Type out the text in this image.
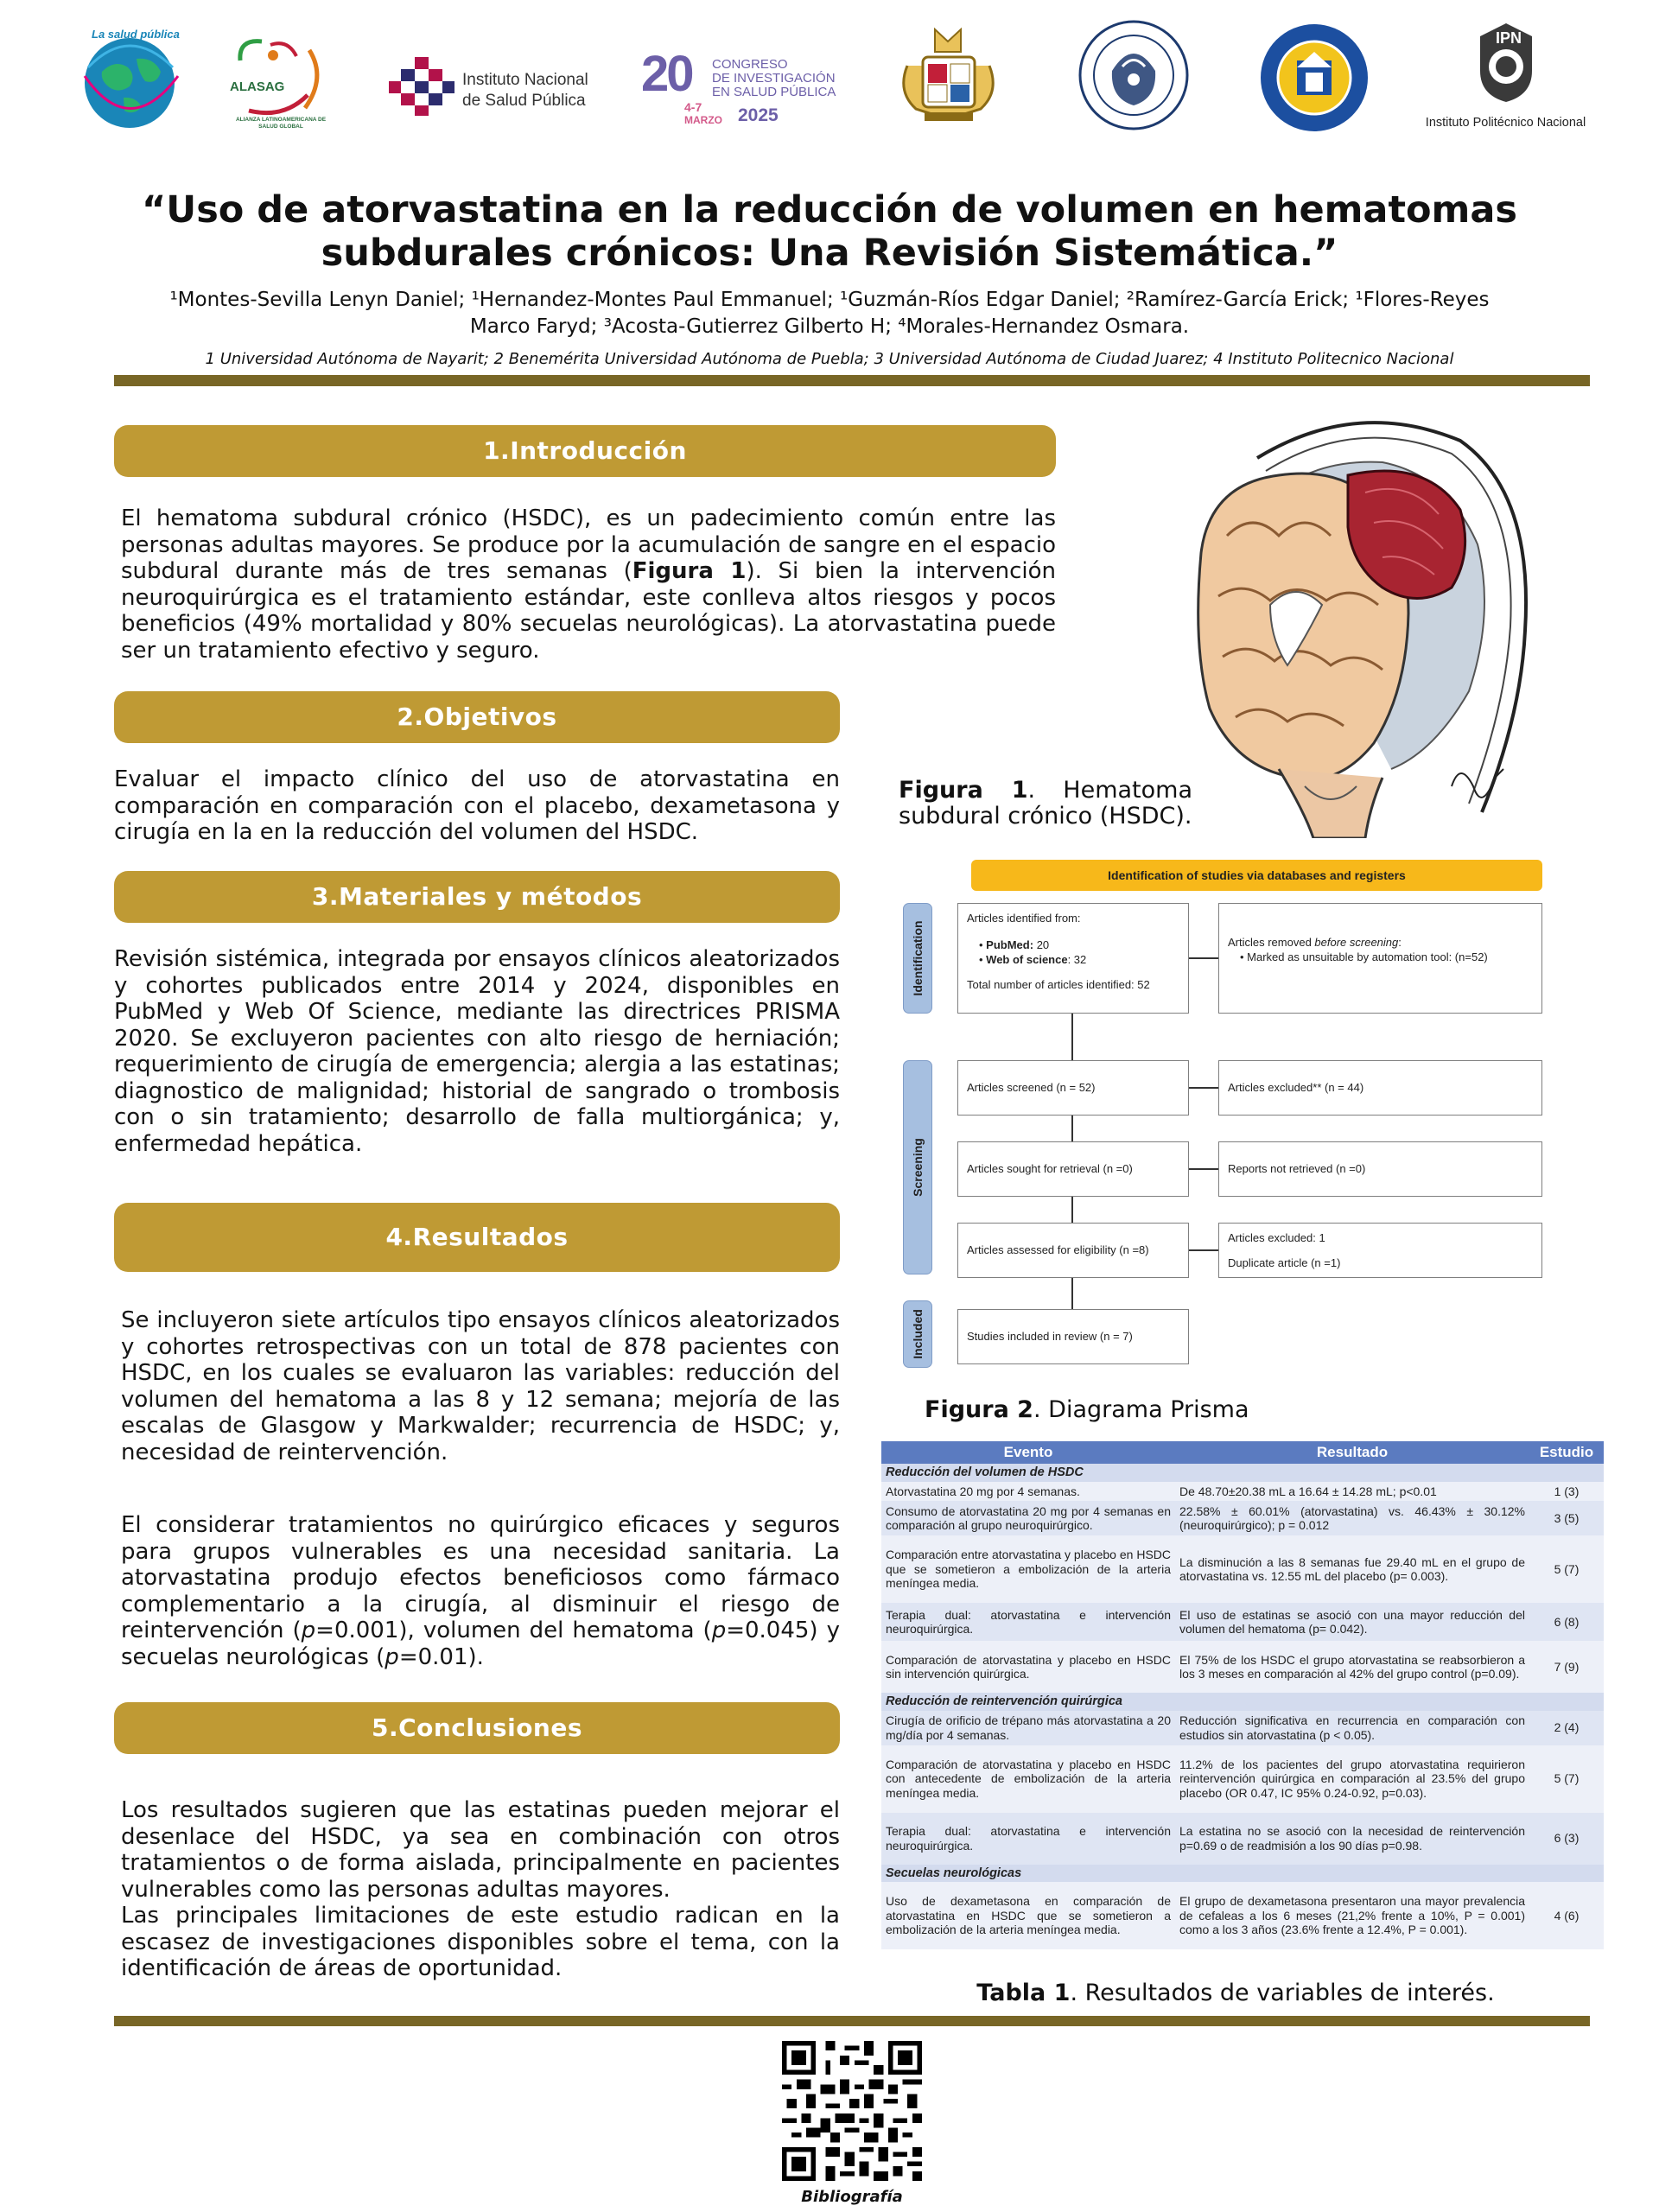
La salud pública
ALASAG
ALIANZA LATINOAMERICANA DE SALUD GLOBAL
Instituto Nacional
de Salud Pública 20 CONGRESO
DE INVESTIGACIÓN
EN SALUD PÚBLICA
4-7
MARZO 2025
IPN
Instituto Politécnico Nacional
“Uso de atorvastatina en la reducción de volumen en hematomas subdurales crónicos: Una Revisión Sistemática.”
¹Montes-Sevilla Lenyn Daniel; ¹Hernandez-Montes Paul Emmanuel; ¹Guzmán-Ríos Edgar Daniel; ²Ramírez-García Erick; ¹Flores-Reyes Marco Faryd; ³Acosta-Gutierrez Gilberto H; ⁴Morales-Hernandez Osmara.
1 Universidad Autónoma de Nayarit; 2 Benemérita Universidad Autónoma de Puebla; 3 Universidad Autónoma de Ciudad Juarez; 4 Instituto Politecnico Nacional
1.Introducción
El hematoma subdural crónico (HSDC), es un padecimiento común entre las personas adultas mayores. Se produce por la acumulación de sangre en el espacio subdural durante más de tres semanas (Figura 1). Si bien la intervención neuroquirúrgica es el tratamiento estándar, este conlleva altos riesgos y pocos beneficios (49% mortalidad y 80% secuelas neurológicas). La atorvastatina puede ser un tratamiento efectivo y seguro.
2.Objetivos
Evaluar el impacto clínico del uso de atorvastatina en comparación en comparación con el placebo, dexametasona y cirugía en la en la reducción del volumen del HSDC.
3.Materiales y métodos
Revisión sistémica, integrada por ensayos clínicos aleatorizados y cohortes publicados entre 2014 y 2024, disponibles en PubMed y Web Of Science, mediante las directrices PRISMA 2020. Se excluyeron pacientes con alto riesgo de herniación; requerimiento de cirugía de emergencia; alergia a las estatinas; diagnostico de malignidad; historial de sangrado o trombosis con o sin tratamiento; desarrollo de falla multiorgánica; y, enfermedad hepática.
4.Resultados
Se incluyeron siete artículos tipo ensayos clínicos aleatorizados y cohortes retrospectivas con un total de 878 pacientes con HSDC, en los cuales se evaluaron las variables: reducción del volumen del hematoma a las 8 y 12 semana; mejoría de las escalas de Glasgow y Markwalder; recurrencia de HSDC; y, necesidad de reintervención.
El considerar tratamientos no quirúrgico eficaces y seguros para grupos vulnerables es una necesidad sanitaria. La atorvastatina produjo efectos beneficiosos como fármaco complementario a la cirugía, al disminuir el riesgo de reintervención (p=0.001), volumen del hematoma (p=0.045) y secuelas neurológicas (p=0.01).
5.Conclusiones
Los resultados sugieren que las estatinas pueden mejorar el desenlace del HSDC, ya sea en combinación con otros tratamientos o de forma aislada, principalmente en pacientes vulnerables como las personas adultas mayores.
Las principales limitaciones de este estudio radican en la escasez de investigaciones disponibles sobre el tema, con la identificación de áreas de oportunidad.
Figura 1. Hematoma subdural crónico (HSDC).
Identification of studies via databases and registers
Identification
Screening
Included
Articles identified from:
• PubMed: 20
• Web of science: 32
Total number of articles identified: 52
Articles removed before screening:
• Marked as unsuitable by automation tool: (n=52)
Articles screened (n = 52)	Articles excluded** (n = 44)
Articles sought for retrieval (n =0)	Reports not retrieved (n =0)
Articles assessed for eligibility (n =8)
Articles excluded: 1
Duplicate article (n =1)
Studies included in review (n = 7)
Figura 2. Diagrama Prisma
Evento	Resultado	Estudio
Reducción del volumen de HSDC		
Atorvastatina 20 mg por 4 semanas.	De 48.70±20.38 mL a 16.64 ± 14.28 mL; p<0.01	1 (3)
Consumo de atorvastatina 20 mg por 4 semanas en comparación al grupo neuroquirúrgico.	22.58% ± 60.01% (atorvastatina) vs. 46.43% ± 30.12% (neuroquirúrgico); p = 0.012	3 (5)
Comparación entre atorvastatina y placebo en HSDC que se sometieron a embolización de la arteria meníngea media.	La disminución a las 8 semanas fue 29.40 mL en el grupo de atorvastatina vs. 12.55 mL del placebo (p= 0.003).	5 (7)
Terapia dual: atorvastatina e intervención neuroquirúrgica.	El uso de estatinas se asoció con una mayor reducción del volumen del hematoma (p= 0.042).	6 (8)
Comparación de atorvastatina y placebo en HSDC sin intervención quirúrgica.	El 75% de los HSDC el grupo atorvastatina se reabsorbieron a los 3 meses en comparación al 42% del grupo control (p=0.09).	7 (9)
Reducción de reintervención quirúrgica		
Cirugía de orificio de trépano más atorvastatina a 20 mg/día por 4 semanas.	Reducción significativa en recurrencia en comparación con estudios sin atorvastatina (p < 0.05).	2 (4)
Comparación de atorvastatina y placebo en HSDC con antecedente de embolización de la arteria meníngea media.	11.2% de los pacientes del grupo atorvastatina requirieron reintervención quirúrgica en comparación al 23.5% del grupo placebo (OR 0.47, IC 95% 0.24-0.92, p=0.03).	5 (7)
Terapia dual: atorvastatina e intervención neuroquirúrgica.	La estatina no se asoció con la necesidad de reintervención p=0.69 o de readmisión a los 90 días p=0.98.	6 (3)
Secuelas neurológicas		
Uso de dexametasona en comparación de atorvastatina en HSDC que se sometieron a embolización de la arteria meníngea media.	El grupo de dexametasona presentaron una mayor prevalencia de cefaleas a los 6 meses (21,2% frente a 10%, P = 0.001) como a los 3 años (23.6% frente a 12.4%, P = 0.001).	4 (6)
Tabla 1. Resultados de variables de interés.
Bibliografía
